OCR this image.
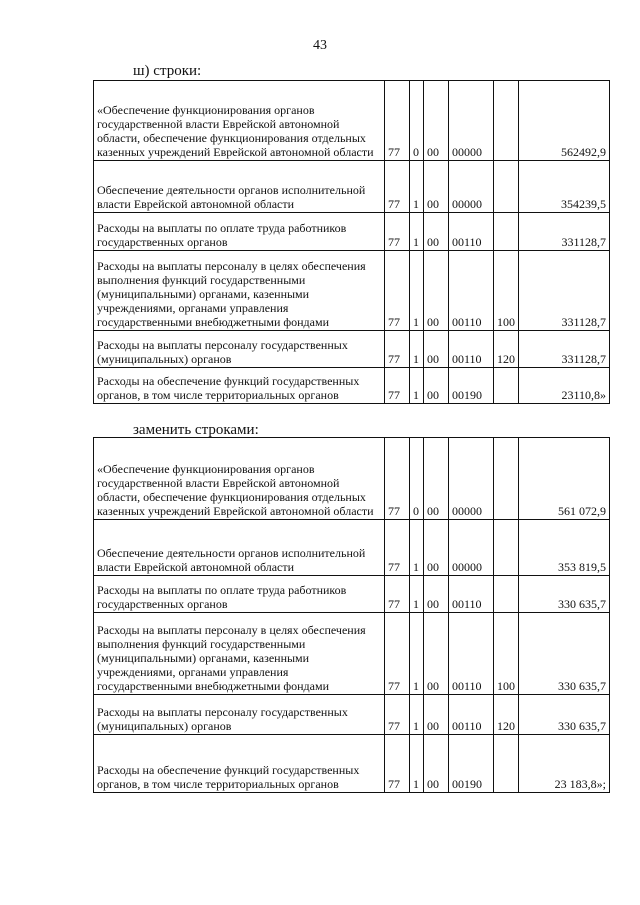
43
ш) строки:
«Обеспечение функционирования органов государственной власти Еврейской автономной области, обеспечение функционирования отдельных казенных учреждений Еврейской автономной области	77	0	00	00000		562492,9
Обеспечение деятельности органов исполнительной власти Еврейской автономной области	77	1	00	00000		354239,5
Расходы на выплаты по оплате труда работников государственных органов	77	1	00	00110		331128,7
Расходы на выплаты персоналу в целях обеспечения выполнения функций государственными (муниципальными) органами, казенными учреждениями, органами управления государственными внебюджетными фондами	77	1	00	00110	100	331128,7
Расходы на выплаты персоналу государственных (муниципальных) органов	77	1	00	00110	120	331128,7
Расходы на обеспечение функций государственных органов, в том числе территориальных органов	77	1	00	00190		23110,8»
заменить строками:
«Обеспечение функционирования органов государственной власти Еврейской автономной области, обеспечение функционирования отдельных казенных учреждений Еврейской автономной области	77	0	00	00000		561 072,9
Обеспечение деятельности органов исполнительной власти Еврейской автономной области	77	1	00	00000		353 819,5
Расходы на выплаты по оплате труда работников государственных органов	77	1	00	00110		330 635,7
Расходы на выплаты персоналу в целях обеспечения выполнения функций государственными (муниципальными) органами, казенными учреждениями, органами управления государственными внебюджетными фондами	77	1	00	00110	100	330 635,7
Расходы на выплаты персоналу государственных (муниципальных) органов	77	1	00	00110	120	330 635,7
Расходы на обеспечение функций государственных органов, в том числе территориальных органов	77	1	00	00190		23 183,8»;
